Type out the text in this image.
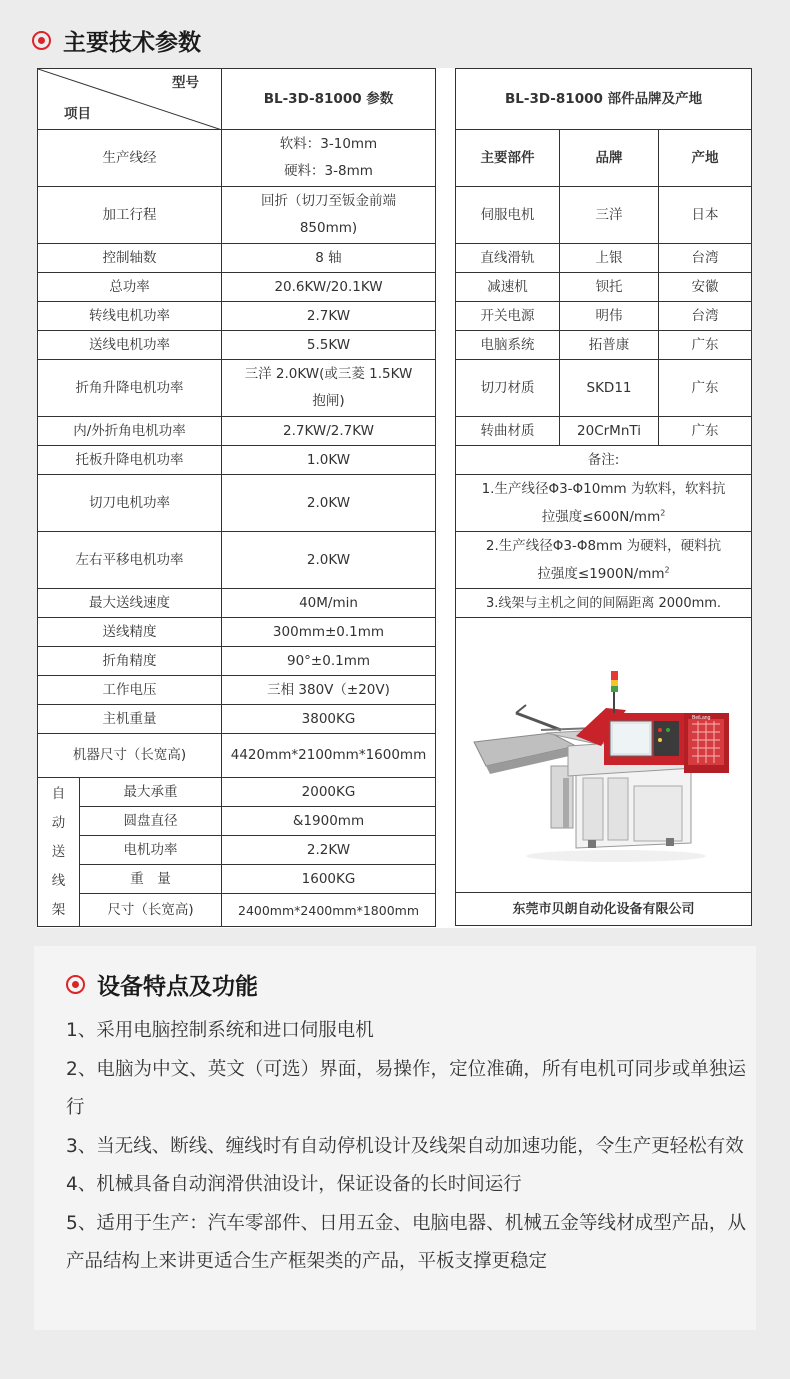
主要技术参数
型号
项目		BL-3D-81000 参数
生产线经		软料：3-10mm
硬料：3-8mm

加工行程		回折（切刀至钣金前端
850mm)

控制轴数		8 轴
总功率		20.6KW/20.1KW
转线电机功率		2.7KW
送线电机功率		5.5KW
折角升降电机功率		三洋 2.0KW(或三菱 1.5KW
抱闸)

内/外折角电机功率		2.7KW/2.7KW
托板升降电机功率		1.0KW
切刀电机功率		2.0KW
左右平移电机功率		2.0KW
最大送线速度		40M/min
送线精度		300mm±0.1mm
折角精度		90°±0.1mm
工作电压		三相 380V（±20V)
主机重量		3800KG
机器尺寸（长宽高)		4420mm*2100mm*1600mm

自
动
送
线
架	最大承重	2000KG
	圆盘直径	&1900mm
	电机功率	2.2KW
	重　量	1600KG
	尺寸（长宽高)	2400mm*2400mm*1800mm
BL-3D-81000 部件品牌及产地		
主要部件	品牌	产地
伺服电机	三洋	日本
直线滑轨	上银	台湾
减速机	钡托	安徽
开关电源	明伟	台湾
电脑系统	拓普康	广东
切刀材质	SKD11	广东
转曲材质	20CrMnTi	广东
备注:		

1.生产线径Φ3-Φ10mm 为软料，软料抗
拉强度$\le 600N/mm^2$

2.生产线径Φ3-Φ8mm 为硬料，硬料抗
拉强度$\le 1900N/mm^2$

3.线架与主机之间的间隔距离 2000mm.		

BeiLang		

东莞市贝朗自动化设备有限公司		
设备特点及功能
1、采用电脑控制系统和进口伺服电机
2、电脑为中文、英文（可选）界面，易操作，定位准确，所有电机可同步或单独运行
3、当无线、断线、缠线时有自动停机设计及线架自动加速功能，令生产更轻松有效
4、机械具备自动润滑供油设计，保证设备的长时间运行
5、适用于生产：汽车零部件、日用五金、电脑电器、机械五金等线材成型产品，从产品结构上来讲更适合生产框架类的产品，平板支撑更稳定
